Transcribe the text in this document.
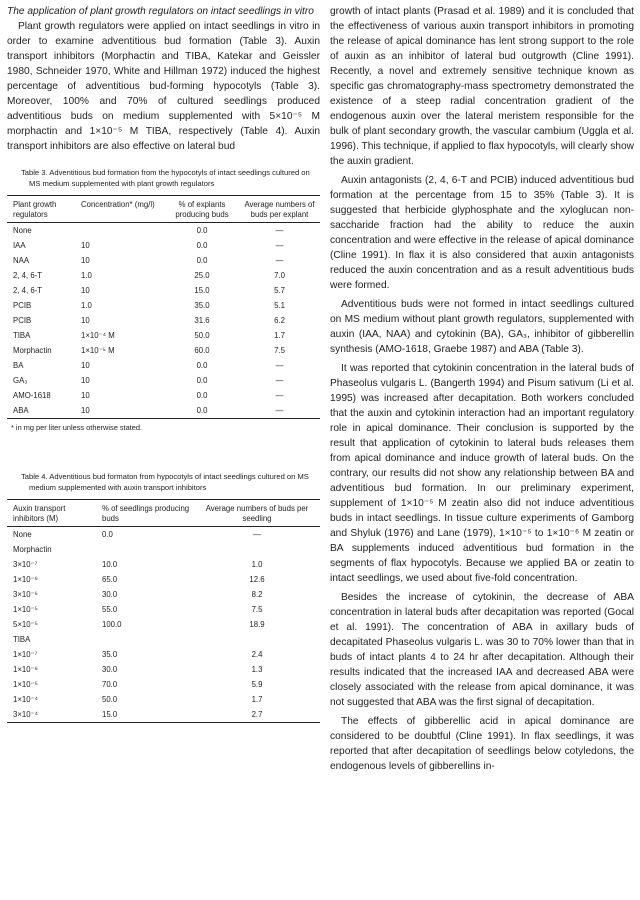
The application of plant growth regulators on intact seedlings in vitro

Plant growth regulators were applied on intact seedlings in vitro in order to examine adventitious bud formation (Table 3). Auxin transport inhibitors (Morphactin and TIBA, Katekar and Geissler 1980, Schneider 1970, White and Hillman 1972) induced the highest percentage of adventitious bud-forming hypocotyls (Table 3). Moreover, 100% and 70% of cultured seedlings produced adventitious buds on medium supplemented with 5×10⁻⁵ M morphactin and 1×10⁻⁵ M TIBA, respectively (Table 4). Auxin transport inhibitors are also effective on lateral bud

Table 3. Adventitious bud formation from the hypocotyls of intact seedlings cultured on MS medium supplemented with plant growth regulators

Plant growth regulators	Concentration* (mg/l)	% of explants producing buds	Average numbers of buds per explant
None		0.0	—
IAA	10	0.0	—
NAA	10	0.0	—
2, 4, 6-T	1.0	25.0	7.0
2, 4, 6-T	10	15.0	5.7
PCIB	1.0	35.0	5.1
PCIB	10	31.6	6.2
TIBA	1×10⁻⁴ M	50.0	1.7
Morphactin	1×10⁻⁵ M	60.0	7.5
BA	10	0.0	—
GA₃	10	0.0	—
AMO-1618	10	0.0	—
ABA	10	0.0	—

* in mg per liter unless otherwise stated.

Table 4. Adventitious bud formaton from hypocotyls of intact seedlings cultured on MS medium supplemented with auxin transport inhibitors

Auxin transport inhibitors (M)	% of seedlings producing buds	Average numbers of buds per seedling
None	0.0	—
Morphactin		
3×10⁻⁷	10.0	1.0
1×10⁻⁶	65.0	12.6
3×10⁻⁶	30.0	8.2
1×10⁻⁵	55.0	7.5
5×10⁻⁵	100.0	18.9
TIBA		
1×10⁻⁷	35.0	2.4
1×10⁻⁶	30.0	1.3
1×10⁻⁵	70.0	5.9
1×10⁻⁴	50.0	1.7
3×10⁻⁴	15.0	2.7

growth of intact plants (Prasad et al. 1989) and it is concluded that the effectiveness of various auxin transport inhibitors in promoting the release of apical dominance has lent strong support to the role of auxin as an inhibitor of lateral bud outgrowth (Cline 1991). Recently, a novel and extremely sensitive technique known as specific gas chromatography-mass spectrometry demonstrated the existence of a steep radial concentration gradient of the endogenous auxin over the lateral meristem responsible for the bulk of plant secondary growth, the vascular cambium (Uggla et al. 1996). This technique, if applied to flax hypocotyls, will clearly show the auxin gradient.

Auxin antagonists (2, 4, 6-T and PCIB) induced adventitious bud formation at the percentage from 15 to 35% (Table 3). It is suggested that herbicide glyphosphate and the xyloglucan non-saccharide fraction had the ability to reduce the auxin concentration and were effective in the release of apical dominance (Cline 1991). In flax it is also considered that auxin antagonists reduced the auxin concentration and as a result adventitious buds were formed.

Adventitious buds were not formed in intact seedlings cultured on MS medium without plant growth regulators, supplemented with auxin (IAA, NAA) and cytokinin (BA), GA₃, inhibitor of gibberellin synthesis (AMO-1618, Graebe 1987) and ABA (Table 3).

It was reported that cytokinin concentration in the lateral buds of Phaseolus vulgaris L. (Bangerth 1994) and Pisum sativum (Li et al. 1995) was increased after decapitation. Both workers concluded that the auxin and cytokinin interaction had an important regulatory role in apical dominance. Their conclusion is supported by the result that application of cytokinin to lateral buds releases them from apical dominance and induce growth of lateral buds. On the contrary, our results did not show any relationship between BA and adventitious bud formation. In our preliminary experiment, supplement of 1×10⁻⁵ M zeatin also did not induce adventitious buds in intact seedlings. In tissue culture experiments of Gamborg and Shyluk (1976) and Lane (1979), 1×10⁻⁵ to 1×10⁻⁶ M zeatin or BA supplements induced adventitious bud formation in the segments of flax hypocotyls. Because we applied BA or zeatin to intact seedlings, we used about five-fold concentration.

Besides the increase of cytokinin, the decrease of ABA concentration in lateral buds after decapitation was reported (Gocal et al. 1991). The concentration of ABA in axillary buds of decapitated Phaseolus vulgaris L. was 30 to 70% lower than that in buds of intact plants 4 to 24 hr after decapitation. Although their results indicated that the increased IAA and decreased ABA were closely associated with the release from apical dominance, it was not suggested that ABA was the first signal of decapitation.

The effects of gibberellic acid in apical dominance are considered to be doubtful (Cline 1991). In flax seedlings, it was reported that after decapitation of seedlings below cotyledons, the endogenous levels of gibberellins in-
